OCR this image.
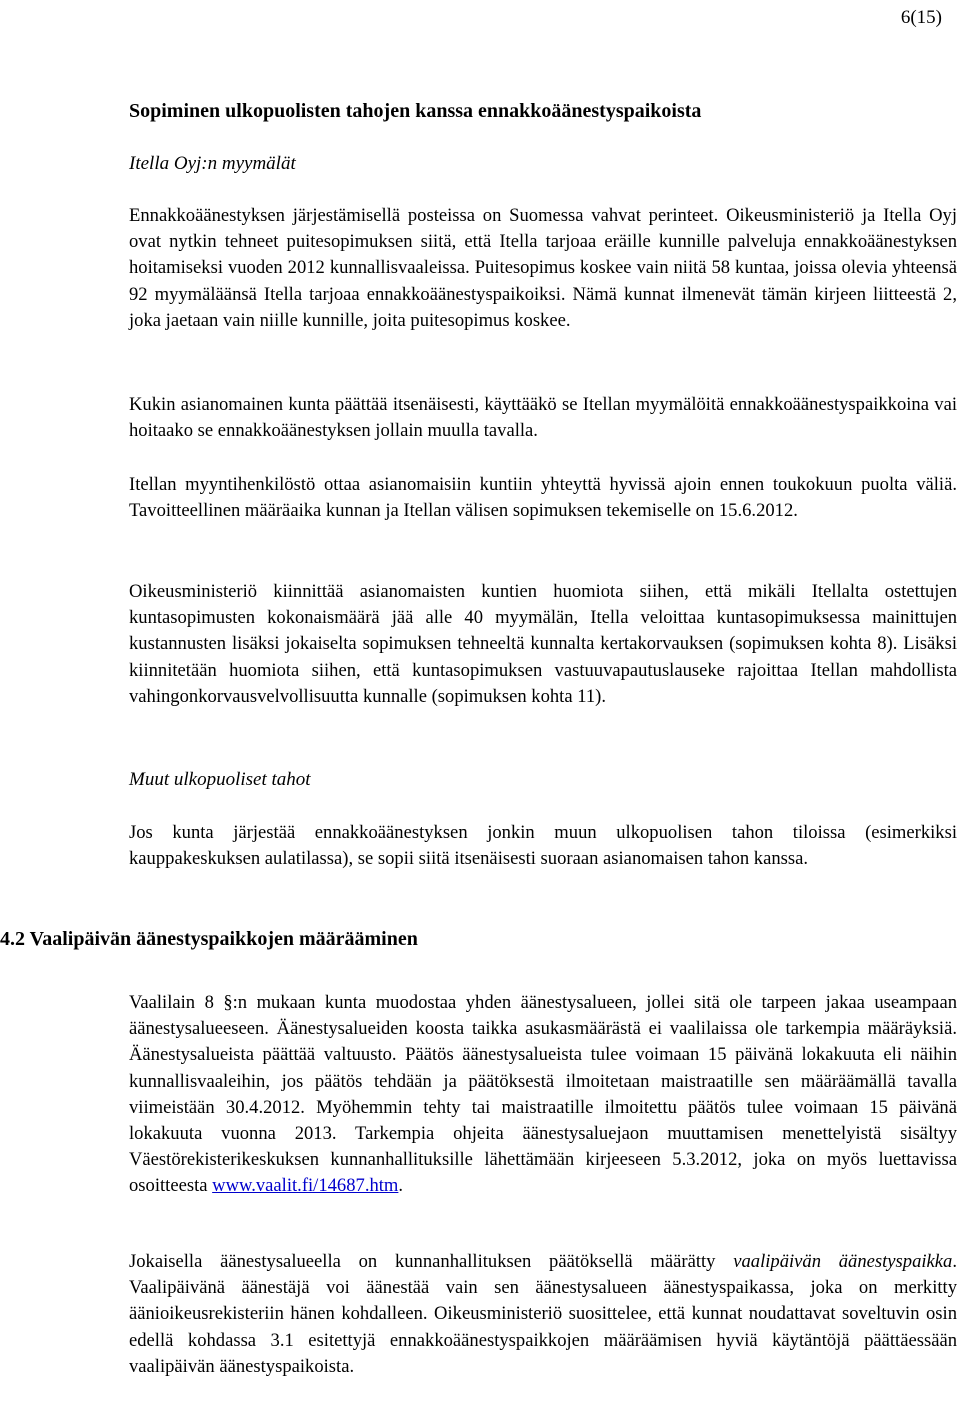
6(15)
Sopiminen ulkopuolisten tahojen kanssa ennakkoäänestyspaikoista
Itella Oyj:n myymälät

Ennakkoäänestyksen järjestämisellä posteissa on Suomessa vahvat perinteet. Oikeusministeriö ja Itella Oyj ovat nytkin tehneet puitesopimuksen siitä, että Itella tarjoaa eräille kunnille palveluja ennakkoäänestyksen hoitamiseksi vuoden 2012 kunnallisvaaleissa. Puitesopimus koskee vain niitä 58 kuntaa, joissa olevia yhteensä 92 myymäläänsä Itella tarjoaa ennakkoäänestyspaikoiksi. Nämä kunnat ilmenevät tämän kirjeen liitteestä 2, joka jaetaan vain niille kunnille, joita puitesopimus koskee.

Kukin asianomainen kunta päättää itsenäisesti, käyttääkö se Itellan myymälöitä ennakkoäänestyspaikkoina vai hoitaako se ennakkoäänestyksen jollain muulla tavalla.

Itellan myyntihenkilöstö ottaa asianomaisiin kuntiin yhteyttä hyvissä ajoin ennen toukokuun puolta väliä. Tavoitteellinen määräaika kunnan ja Itellan välisen sopimuksen tekemiselle on 15.6.2012.

Oikeusministeriö kiinnittää asianomaisten kuntien huomiota siihen, että mikäli Itellalta ostettujen kuntasopimusten kokonaismäärä jää alle 40 myymälän, Itella veloittaa kuntasopimuksessa mainittujen kustannusten lisäksi jokaiselta sopimuksen tehneeltä kunnalta kertakorvauksen (sopimuksen kohta 8). Lisäksi kiinnitetään huomiota siihen, että kuntasopimuksen vastuuvapautuslauseke rajoittaa Itellan mahdollista vahingonkorvausvelvollisuutta kunnalle (sopimuksen kohta 11).

Muut ulkopuoliset tahot

Jos kunta järjestää ennakkoäänestyksen jonkin muun ulkopuolisen tahon tiloissa (esimerkiksi kauppakeskuksen aulatilassa), se sopii siitä itsenäisesti suoraan asianomaisen tahon kanssa.

4.2 Vaalipäivän äänestyspaikkojen määrääminen

Vaalilain 8 §:n mukaan kunta muodostaa yhden äänestysalueen, jollei sitä ole tarpeen jakaa useampaan äänestysalueeseen. Äänestysalueiden koosta taikka asukasmäärästä ei vaalilaissa ole tarkempia määräyksiä. Äänestysalueista päättää valtuusto. Päätös äänestysalueista tulee voimaan 15 päivänä lokakuuta eli näihin kunnallisvaaleihin, jos päätös tehdään ja päätöksestä ilmoitetaan maistraatille sen määräämällä tavalla viimeistään 30.4.2012. Myöhemmin tehty tai maistraatille ilmoitettu päätös tulee voimaan 15 päivänä lokakuuta vuonna 2013. Tarkempia ohjeita äänestysaluejaon muuttamisen menettelyistä sisältyy Väestörekisterikeskuksen kunnanhallituksille lähettämään kirjeeseen 5.3.2012, joka on myös luettavissa osoitteesta www.vaalit.fi/14687.htm.

Jokaisella äänestysalueella on kunnanhallituksen päätöksellä määrätty vaalipäivän äänestyspaikka. Vaalipäivänä äänestäjä voi äänestää vain sen äänestysalueen äänestyspaikassa, joka on merkitty äänioikeusrekisteriin hänen kohdalleen. Oikeusministeriö suosittelee, että kunnat noudattavat soveltuvin osin edellä kohdassa 3.1 esitettyjä ennakkoäänestyspaikkojen määräämisen hyviä käytäntöjä päättäessään vaalipäivän äänestyspaikoista.
